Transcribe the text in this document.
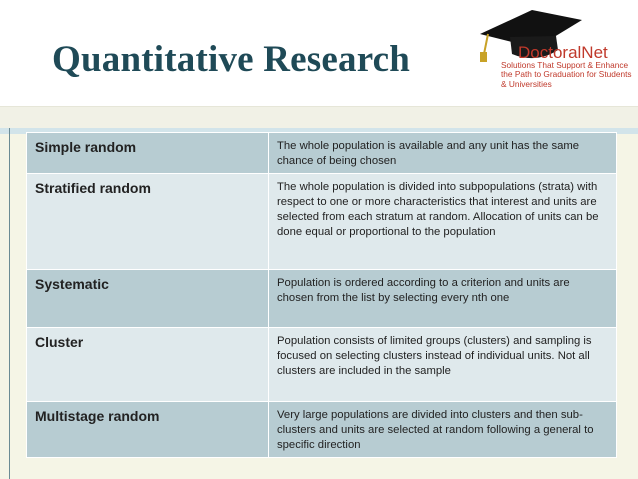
Quantitative Research	DoctoralNet
Solutions That Support & Enhance the Path to Graduation for Students & Universities
Simple random	The whole population is available and any unit has the same chance of being chosen
Stratified random	The whole population is divided into subpopulations (strata) with respect to one or more characteristics that interest and units are selected from each stratum at random. Allocation of units can be done equal or proportional to the population
Systematic	Population is ordered according to a criterion and units are chosen from the list by selecting every nth one
Cluster	Population consists of limited groups (clusters) and sampling is focused on selecting clusters instead of individual units. Not all clusters are included in the sample
Multistage random	Very large populations are divided into clusters and then sub-clusters and units are selected at random following a general to specific direction
